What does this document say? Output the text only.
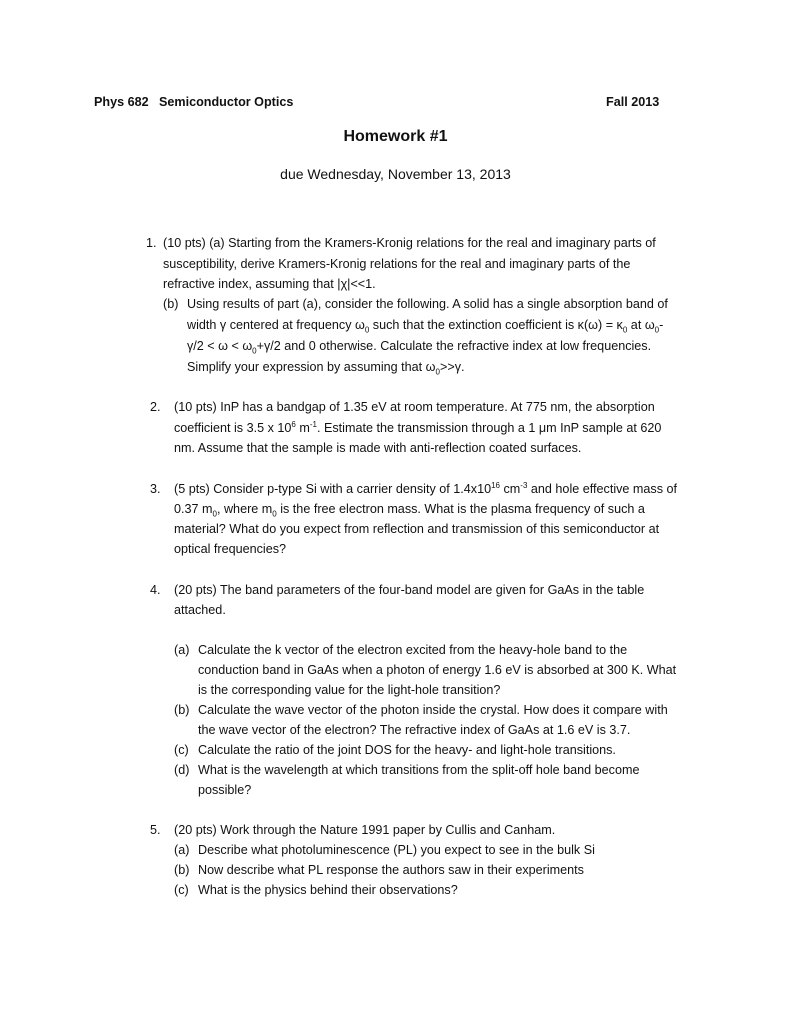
Phys 682 Semiconductor Optics	Fall 2013
Homework #1
due Wednesday, November 13, 2013
1. (10 pts) (a) Starting from the Kramers-Kronig relations for the real and imaginary parts of
susceptibility, derive Kramers-Kronig relations for the real and imaginary parts of the
refractive index, assuming that |χ|<<1.
(b) Using results of part (a), consider the following. A solid has a single absorption band of
width γ centered at frequency $\omega_0$ such that the extinction coefficient is $\kappa(\omega) = \kappa_0$ at $\omega_0-$
$\gamma/2 < \omega < \omega_0+\gamma/2$ and 0 otherwise. Calculate the refractive index at low frequencies.
Simplify your expression by assuming that $\omega_0>>\gamma$.
2. (10 pts) InP has a bandgap of 1.35 eV at room temperature. At 775 nm, the absorption
coefficient is 3.5 x $10^6$ $m^{-1}$. Estimate the transmission through a 1 μm InP sample at 620
nm. Assume that the sample is made with anti-reflection coated surfaces.
3. (5 pts) Consider p-type Si with a carrier density of $1.4x10^{16}$ $cm^{-3}$ and hole effective mass of
0.37 $m_0$, where $m_0$ is the free electron mass. What is the plasma frequency of such a
material? What do you expect from reflection and transmission of this semiconductor at
optical frequencies?
4. (20 pts) The band parameters of the four-band model are given for GaAs in the table
attached.
(a) Calculate the k vector of the electron excited from the heavy-hole band to the
conduction band in GaAs when a photon of energy 1.6 eV is absorbed at 300 K. What
is the corresponding value for the light-hole transition?
(b) Calculate the wave vector of the photon inside the crystal. How does it compare with
the wave vector of the electron? The refractive index of GaAs at 1.6 eV is 3.7.
(c) Calculate the ratio of the joint DOS for the heavy- and light-hole transitions.
(d) What is the wavelength at which transitions from the split-off hole band become
possible?
5. (20 pts) Work through the Nature 1991 paper by Cullis and Canham.
(a) Describe what photoluminescence (PL) you expect to see in the bulk Si
(b) Now describe what PL response the authors saw in their experiments
(c) What is the physics behind their observations?
